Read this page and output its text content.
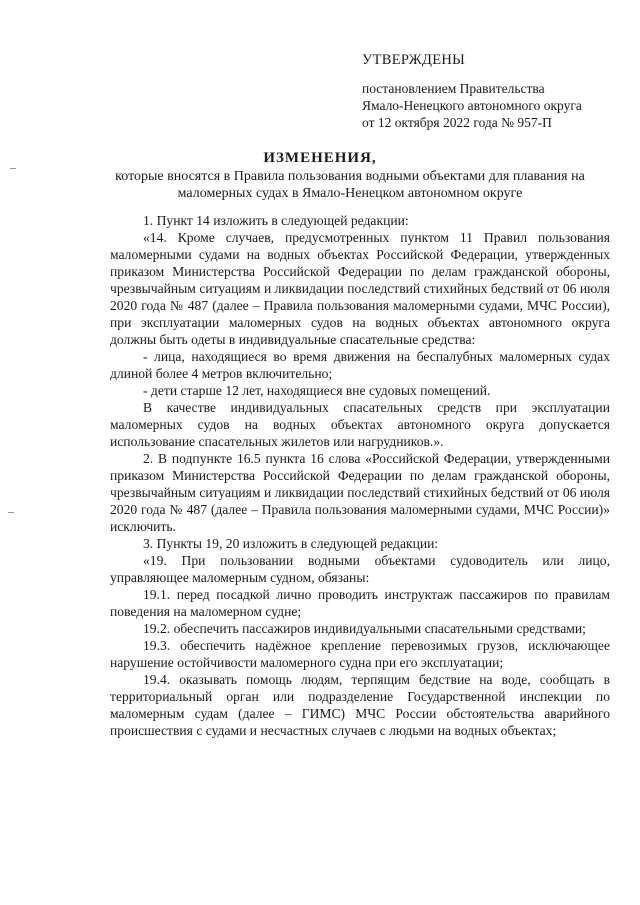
УТВЕРЖДЕНЫ
постановлением Правительства
Ямало-Ненецкого автономного округа
от 12 октября 2022 года № 957-П
ИЗМЕНЕНИЯ,
которые вносятся в Правила пользования водными объектами для плавания на маломерных судах в Ямало-Ненецком автономном округе

1. Пункт 14 изложить в следующей редакции:

«14. Кроме случаев, предусмотренных пунктом 11 Правил пользования маломерными судами на водных объектах Российской Федерации, утвержденных приказом Министерства Российской Федерации по делам гражданской обороны, чрезвычайным ситуациям и ликвидации последствий стихийных бедствий от 06 июля 2020 года № 487 (далее – Правила пользования маломерными судами, МЧС России), при эксплуатации маломерных судов на водных объектах автономного округа должны быть одеты в индивидуальные спасательные средства:

- лица, находящиеся во время движения на беспалубных маломерных судах длиной более 4 метров включительно;

- дети старше 12 лет, находящиеся вне судовых помещений.

В качестве индивидуальных спасательных средств при эксплуатации маломерных судов на водных объектах автономного округа допускается использование спасательных жилетов или нагрудников.».

2. В подпункте 16.5 пункта 16 слова «Российской Федерации, утвержденными приказом Министерства Российской Федерации по делам гражданской обороны, чрезвычайным ситуациям и ликвидации последствий стихийных бедствий от 06 июля 2020 года № 487 (далее – Правила пользования маломерными судами, МЧС России)» исключить.

3. Пункты 19, 20 изложить в следующей редакции:

«19. При пользовании водными объектами судоводитель или лицо, управляющее маломерным судном, обязаны:

19.1. перед посадкой лично проводить инструктаж пассажиров по правилам поведения на маломерном судне;

19.2. обеспечить пассажиров индивидуальными спасательными средствами;

19.3. обеспечить надёжное крепление перевозимых грузов, исключающее нарушение остойчивости маломерного судна при его эксплуатации;

19.4. оказывать помощь людям, терпящим бедствие на воде, сообщать в территориальный орган или подразделение Государственной инспекции по маломерным судам (далее – ГИМС) МЧС России обстоятельства аварийного происшествия с судами и несчастных случаев с людьми на водных объектах;
